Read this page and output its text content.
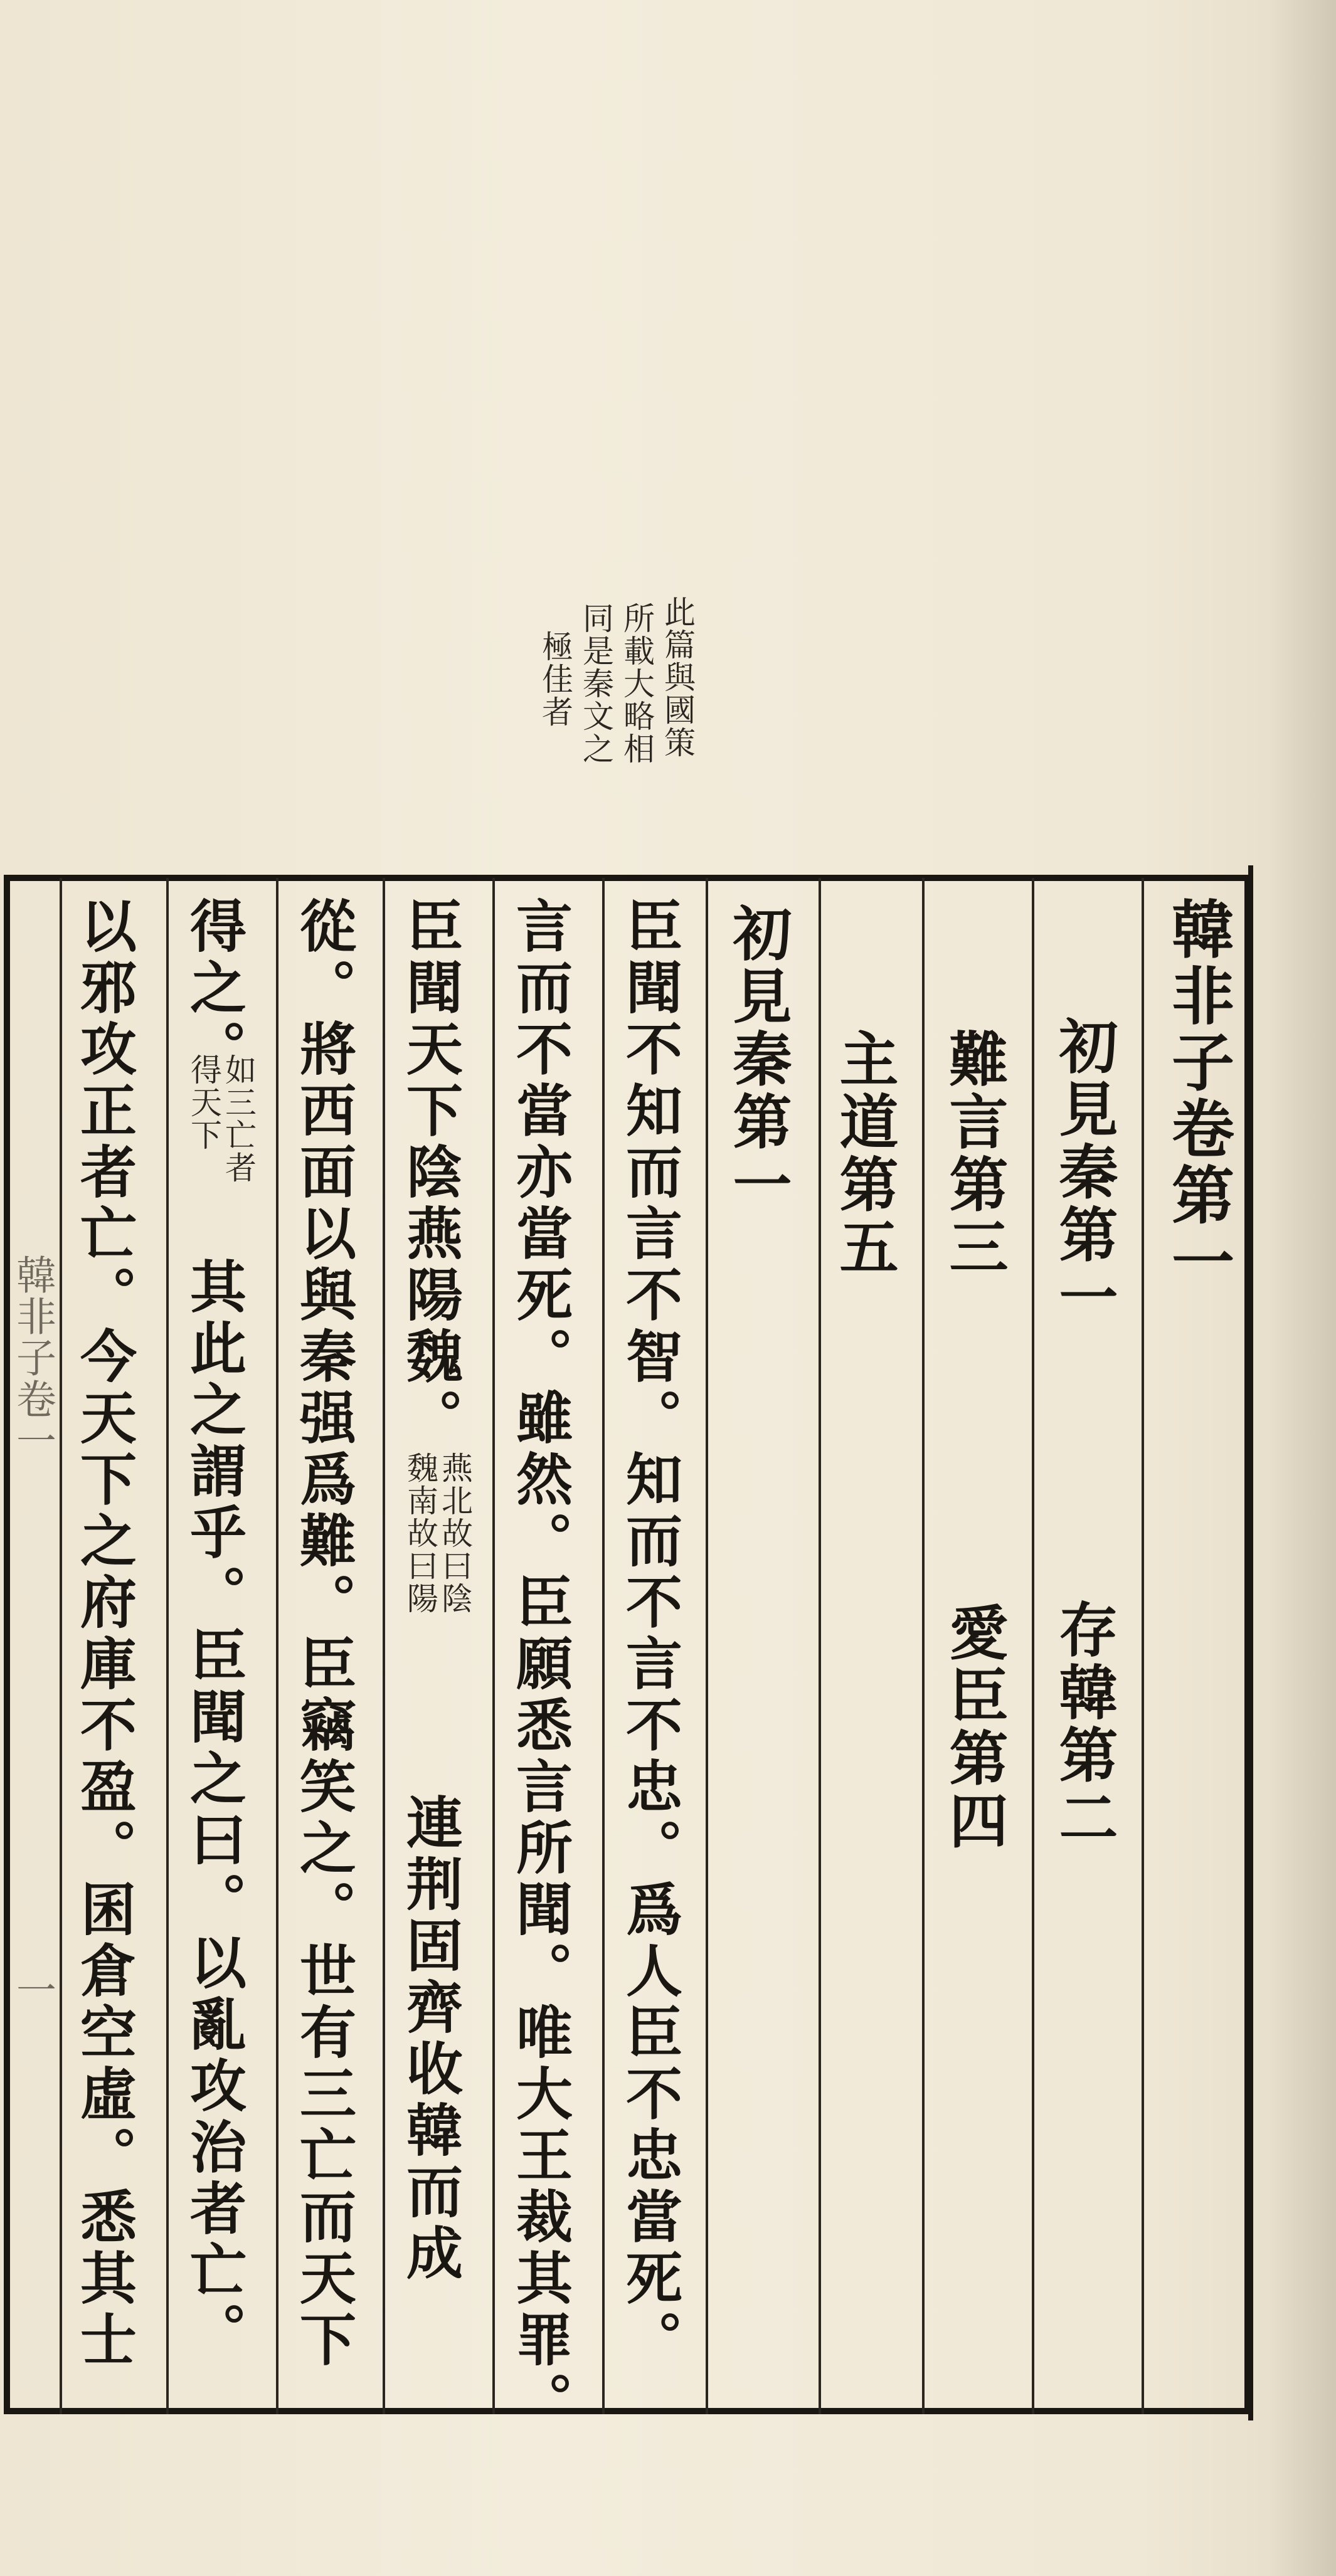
此篇與國策
所載大略相
同是秦文之
極佳者
韓非子卷第一
初見秦第一
存韓第二
難言第三
愛臣第四
主道第五
初見秦第一
臣聞不知而言不智。知而不言不忠。爲人臣不忠當死。
言而不當亦當死。雖然。臣願悉言所聞。唯大王裁其罪。
臣聞天下陰燕陽魏。
燕北故曰陰
魏南故曰陽
連荆固齊收韓而成
從。將西面以與秦强爲難。臣竊笑之。世有三亡而天下
得之。
如三亡者
得天下
其此之謂乎。臣聞之曰。以亂攻治者亡。
以邪攻正者亡。今天下之府庫不盈。囷倉空虛。悉其士
韓非子卷一
一
